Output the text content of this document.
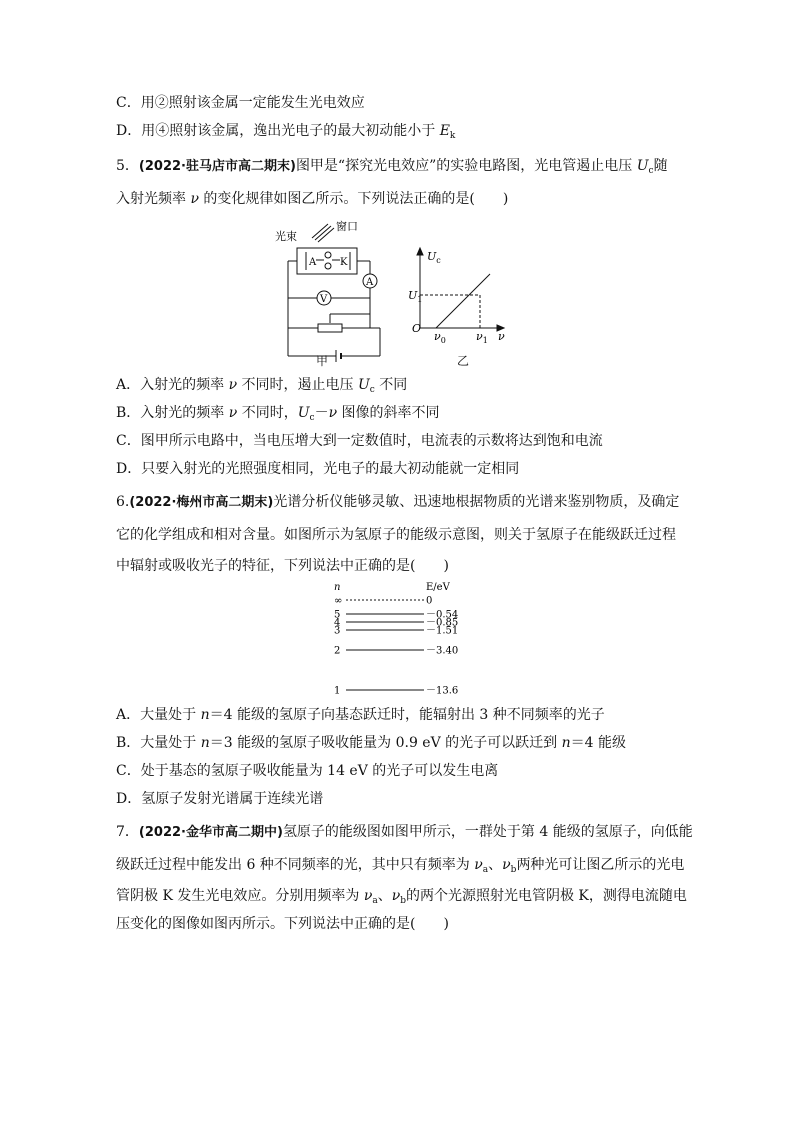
C．用②照射该金属一定能发生光电效应
D．用④照射该金属，逸出光电子的最大初动能小于 $E_k$
5．(2022·驻马店市高二期末)图甲是“探究光电效应”的实验电路图，光电管遏止电压 $U_c$随
入射光频率 ν 的变化规律如图乙所示。下列说法正确的是(　　)
光束
窗口
A K
A
V
甲
$U_c$
$U_1$
O
$\nu_0$	$\nu_1$ ν
乙
A．入射光的频率 ν 不同时，遏止电压 $U_c$ 不同
B．入射光的频率 ν 不同时，$U_c-\nu$ 图像的斜率不同
C．图甲所示电路中，当电压增大到一定数值时，电流表的示数将达到饱和电流
D．只要入射光的光照强度相同，光电子的最大初动能就一定相同
6.(2022·梅州市高二期末)光谱分析仪能够灵敏、迅速地根据物质的光谱来鉴别物质，及确定
它的化学组成和相对含量。如图所示为氢原子的能级示意图，则关于氢原子在能级跃迁过程
中辐射或吸收光子的特征，下列说法中正确的是(　　)
n	E/eV
∞	0
5	－0.54
4	－0.85
3	－1.51
2	－3.40
1	－13.6
A．大量处于 n＝4 能级的氢原子向基态跃迁时，能辐射出 3 种不同频率的光子
B．大量处于 n＝3 能级的氢原子吸收能量为 0.9 eV 的光子可以跃迁到 n＝4 能级
C．处于基态的氢原子吸收能量为 14 eV 的光子可以发生电离
D．氢原子发射光谱属于连续光谱
7．(2022·金华市高二期中)氢原子的能级图如图甲所示，一群处于第 4 能级的氢原子，向低能
级跃迁过程中能发出 6 种不同频率的光，其中只有频率为 $\nu_a$、$\nu_b$两种光可让图乙所示的光电
管阴极 K 发生光电效应。分别用频率为 $\nu_a$、$\nu_b$的两个光源照射光电管阴极 K，测得电流随电
压变化的图像如图丙所示。下列说法中正确的是(　　)
